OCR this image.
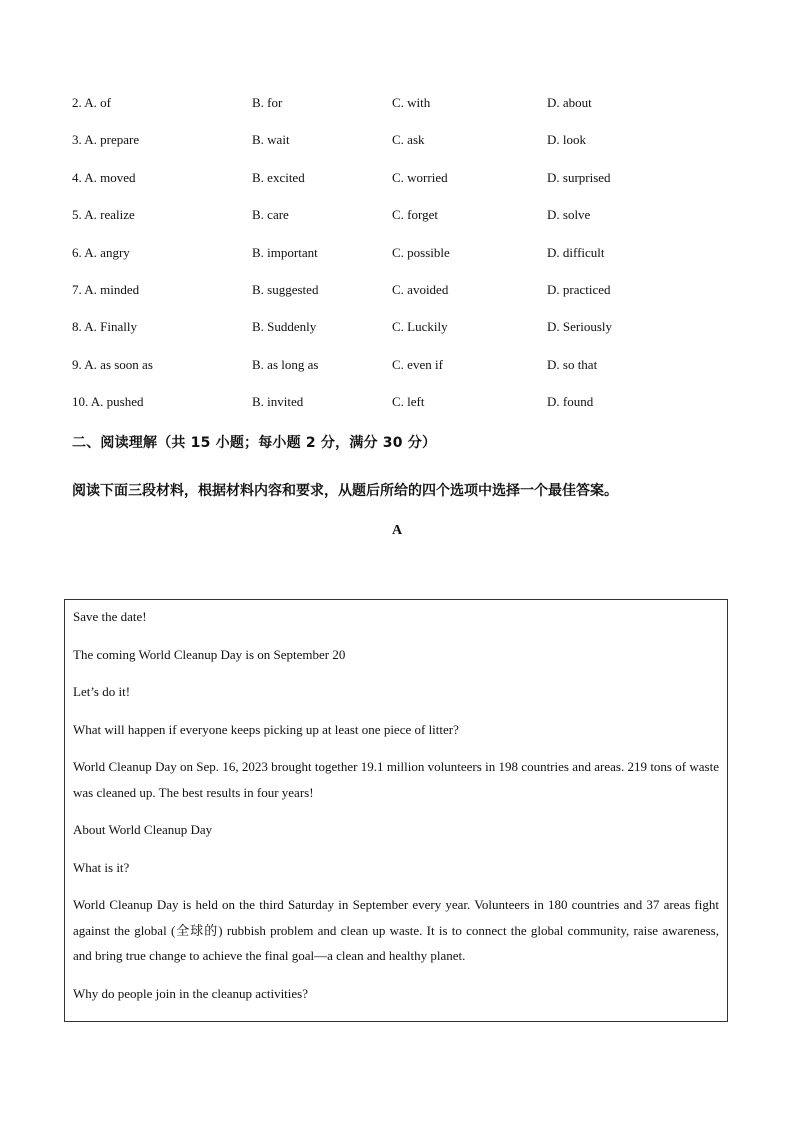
2. A. of	B. for	C. with	D. about
3. A. prepare	B. wait	C. ask	D. look
4. A. moved	B. excited	C. worried	D. surprised
5. A. realize	B. care	C. forget	D. solve
6. A. angry	B. important	C. possible	D. difficult
7. A. minded	B. suggested	C. avoided	D. practiced
8. A. Finally	B. Suddenly	C. Luckily	D. Seriously
9. A. as soon as	B. as long as	C. even if	D. so that
10. A. pushed	B. invited	C. left	D. found
二、阅读理解（共 15 小题；每小题 2 分，满分 30 分）
阅读下面三段材料，根据材料内容和要求，从题后所给的四个选项中选择一个最佳答案。
A

Save the date!

The coming World Cleanup Day is on September 20

Let’s do it!

What will happen if everyone keeps picking up at least one piece of litter?

World Cleanup Day on Sep. 16, 2023 brought together 19.1 million volunteers in 198 countries and areas. 219 tons of waste was cleaned up. The best results in four years!

About World Cleanup Day

What is it?

World Cleanup Day is held on the third Saturday in September every year. Volunteers in 180 countries and 37 areas fight against the global (全球的) rubbish problem and clean up waste. It is to connect the global community, raise awareness, and bring true change to achieve the final goal—a clean and healthy planet.

Why do people join in the cleanup activities?
